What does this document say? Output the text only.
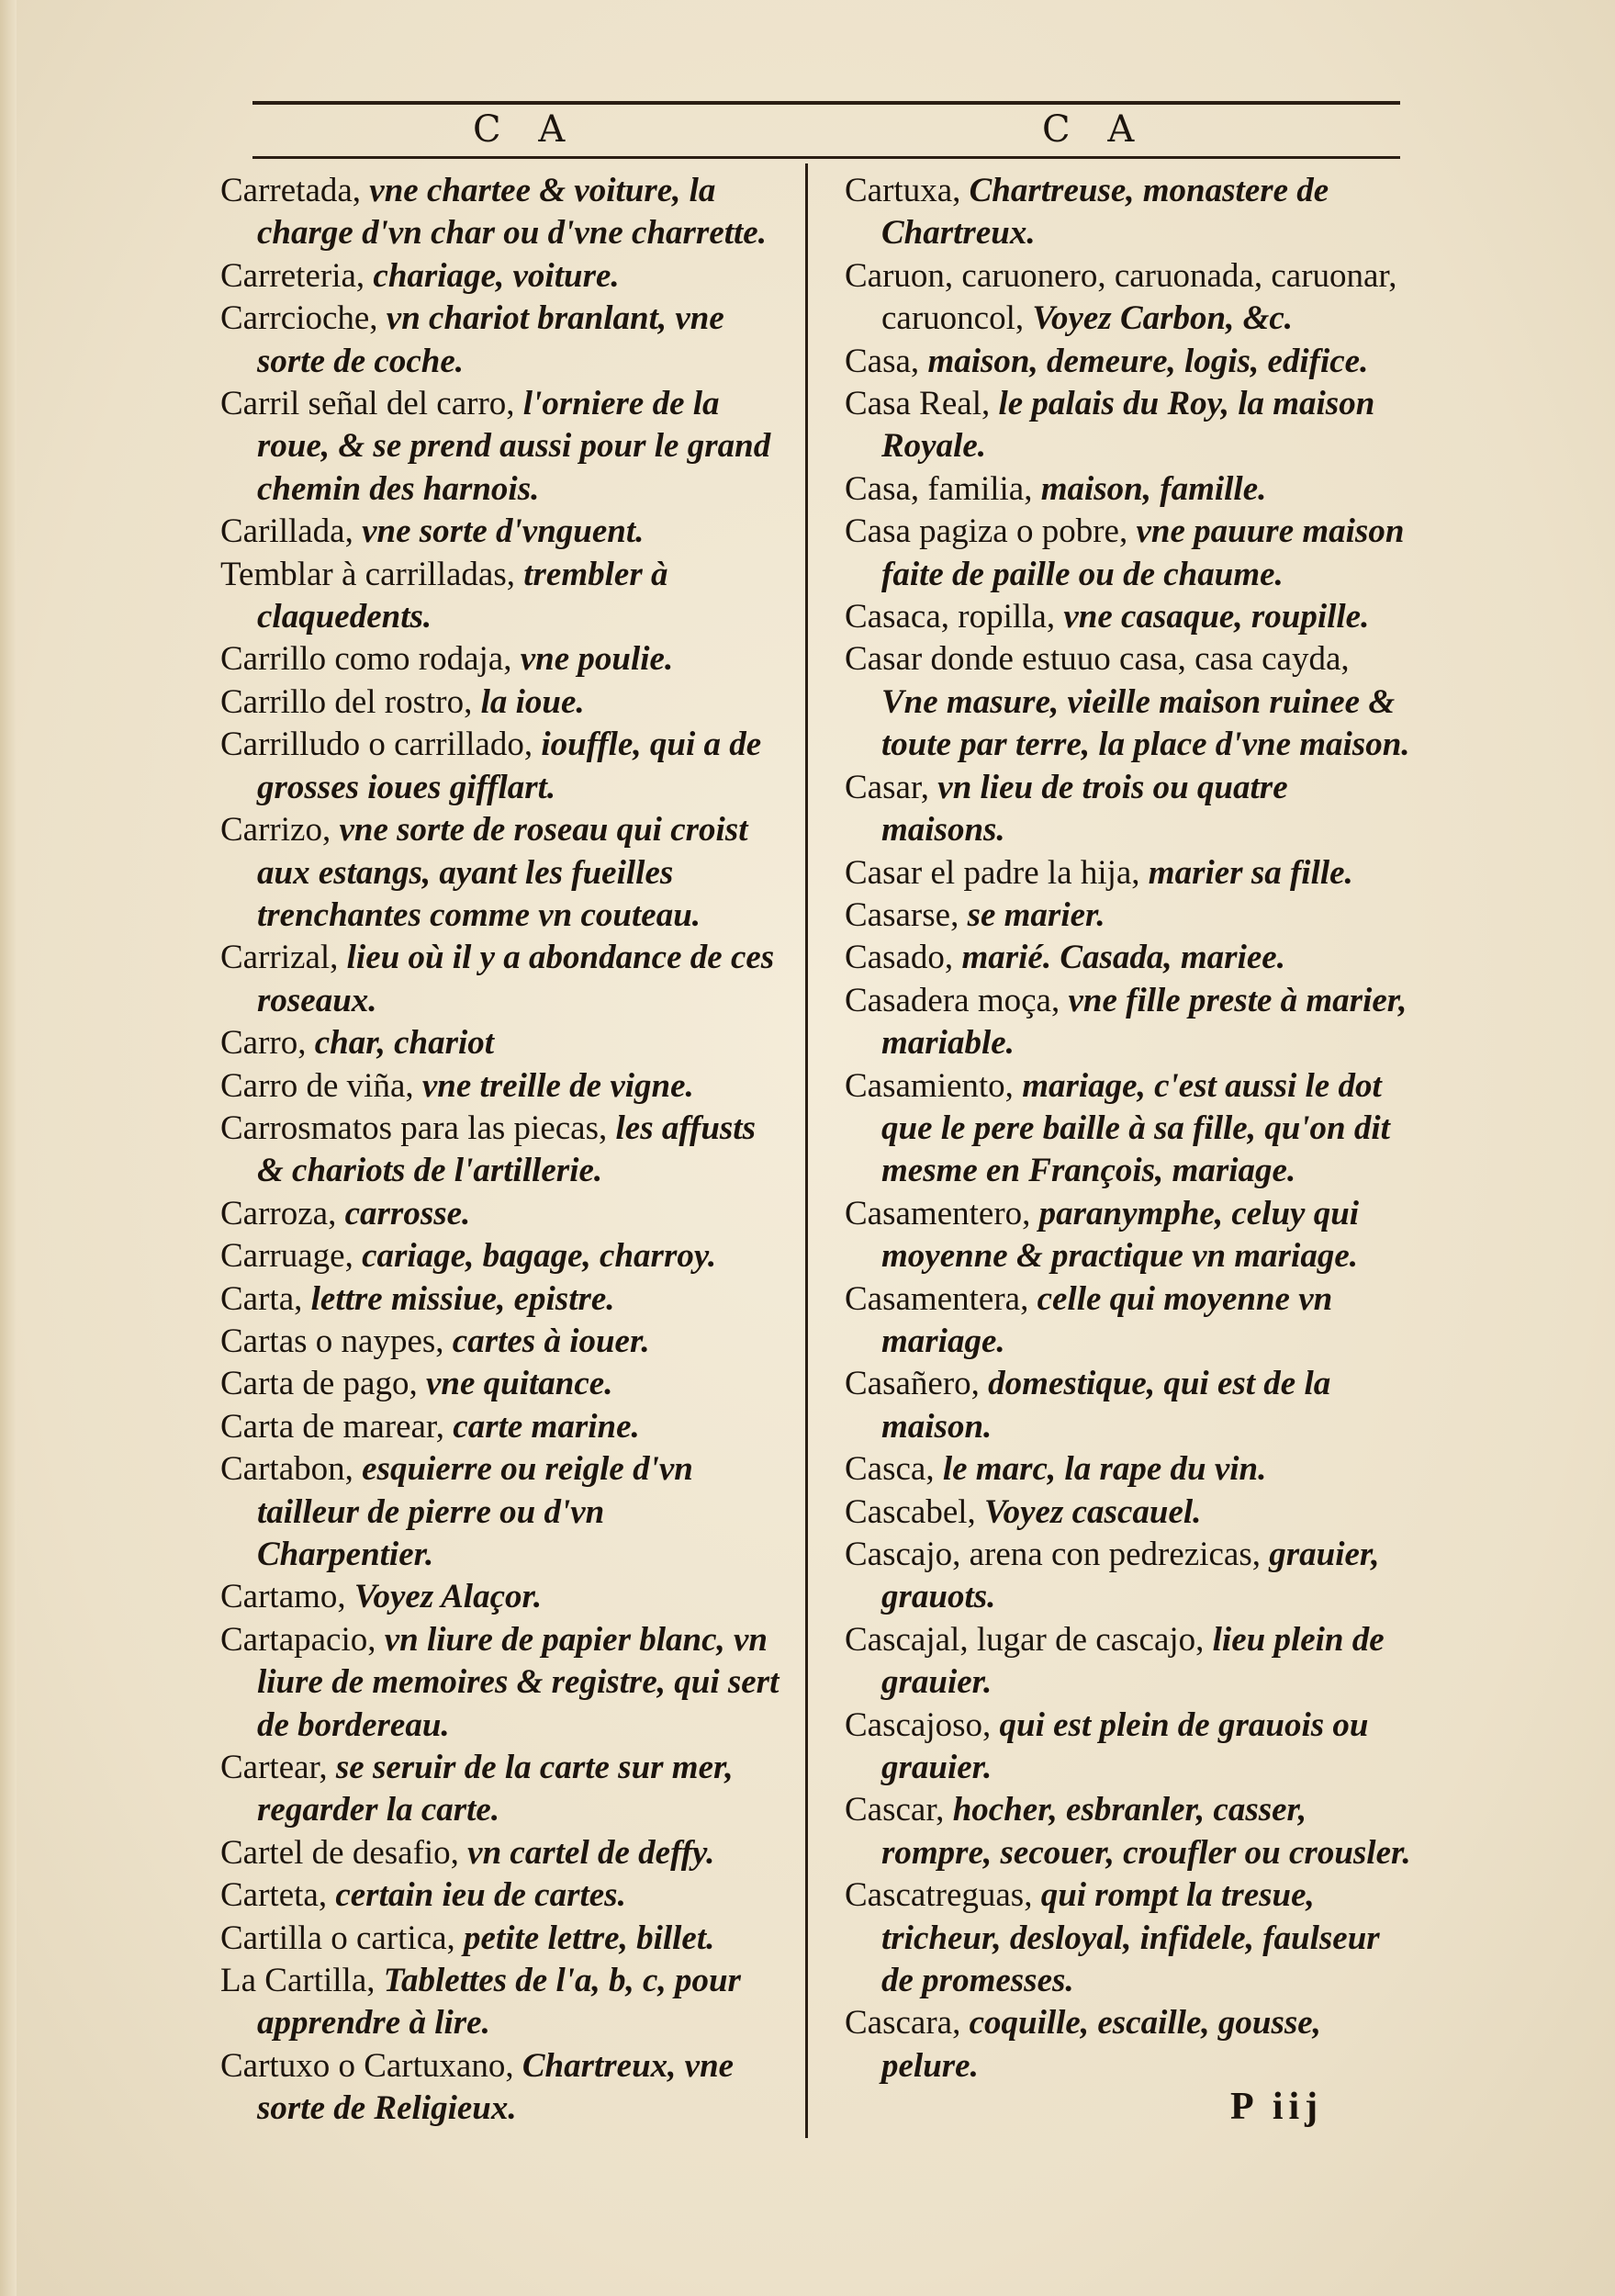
C A	C A
Carretada, vne chartee & voiture, la charge d'vn char ou d'vne charrette.
Carreteria, chariage, voiture.
Carrcioche, vn chariot branlant, vne sorte de coche.
Carril señal del carro, l'orniere de la roue, & se prend aussi pour le grand chemin des harnois.
Carillada, vne sorte d'vnguent.
Temblar à carrilladas, trembler à claquedents.
Carrillo como rodaja, vne poulie.
Carrillo del rostro, la ioue.
Carrilludo o carrillado, iouffle, qui a de grosses ioues gifflart.
Carrizo, vne sorte de roseau qui croist aux estangs, ayant les fueilles trenchantes comme vn couteau.
Carrizal, lieu où il y a abondance de ces roseaux.
Carro, char, chariot
Carro de viña, vne treille de vigne.
Carrosmatos para las piecas, les affusts & chariots de l'artillerie.
Carroza, carrosse.
Carruage, cariage, bagage, charroy.
Carta, lettre missiue, epistre.
Cartas o naypes, cartes à iouer.
Carta de pago, vne quitance.
Carta de marear, carte marine.
Cartabon, esquierre ou reigle d'vn tailleur de pierre ou d'vn Charpentier.
Cartamo, Voyez Alaçor.
Cartapacio, vn liure de papier blanc, vn liure de memoires & registre, qui sert de bordereau.
Cartear, se seruir de la carte sur mer, regarder la carte.
Cartel de desafio, vn cartel de deffy.
Carteta, certain ieu de cartes.
Cartilla o cartica, petite lettre, billet.
La Cartilla, Tablettes de l'a, b, c, pour apprendre à lire.
Cartuxo o Cartuxano, Chartreux, vne sorte de Religieux.
Cartuxa, Chartreuse, monastere de Chartreux.
Caruon, caruonero, caruonada, caruonar, caruoncol, Voyez Carbon, &c.
Casa, maison, demeure, logis, edifice.
Casa Real, le palais du Roy, la maison Royale.
Casa, familia, maison, famille.
Casa pagiza o pobre, vne pauure maison faite de paille ou de chaume.
Casaca, ropilla, vne casaque, roupille.
Casar donde estuuo casa, casa cayda, Vne masure, vieille maison ruinee & toute par terre, la place d'vne maison.
Casar, vn lieu de trois ou quatre maisons.
Casar el padre la hija, marier sa fille.
Casarse, se marier.
Casado, marié. Casada, mariee.
Casadera moça, vne fille preste à marier, mariable.
Casamiento, mariage, c'est aussi le dot que le pere baille à sa fille, qu'on dit mesme en François, mariage.
Casamentero, paranymphe, celuy qui moyenne & practique vn mariage.
Casamentera, celle qui moyenne vn mariage.
Casañero, domestique, qui est de la maison.
Casca, le marc, la rape du vin.
Cascabel, Voyez cascauel.
Cascajo, arena con pedrezicas, grauier, grauots.
Cascajal, lugar de cascajo, lieu plein de grauier.
Cascajoso, qui est plein de grauois ou grauier.
Cascar, hocher, esbranler, casser, rompre, secouer, croufler ou crousler.
Cascatreguas, qui rompt la tresue, tricheur, desloyal, infidele, faulseur de promesses.
Cascara, coquille, escaille, gousse, pelure.
P iij
